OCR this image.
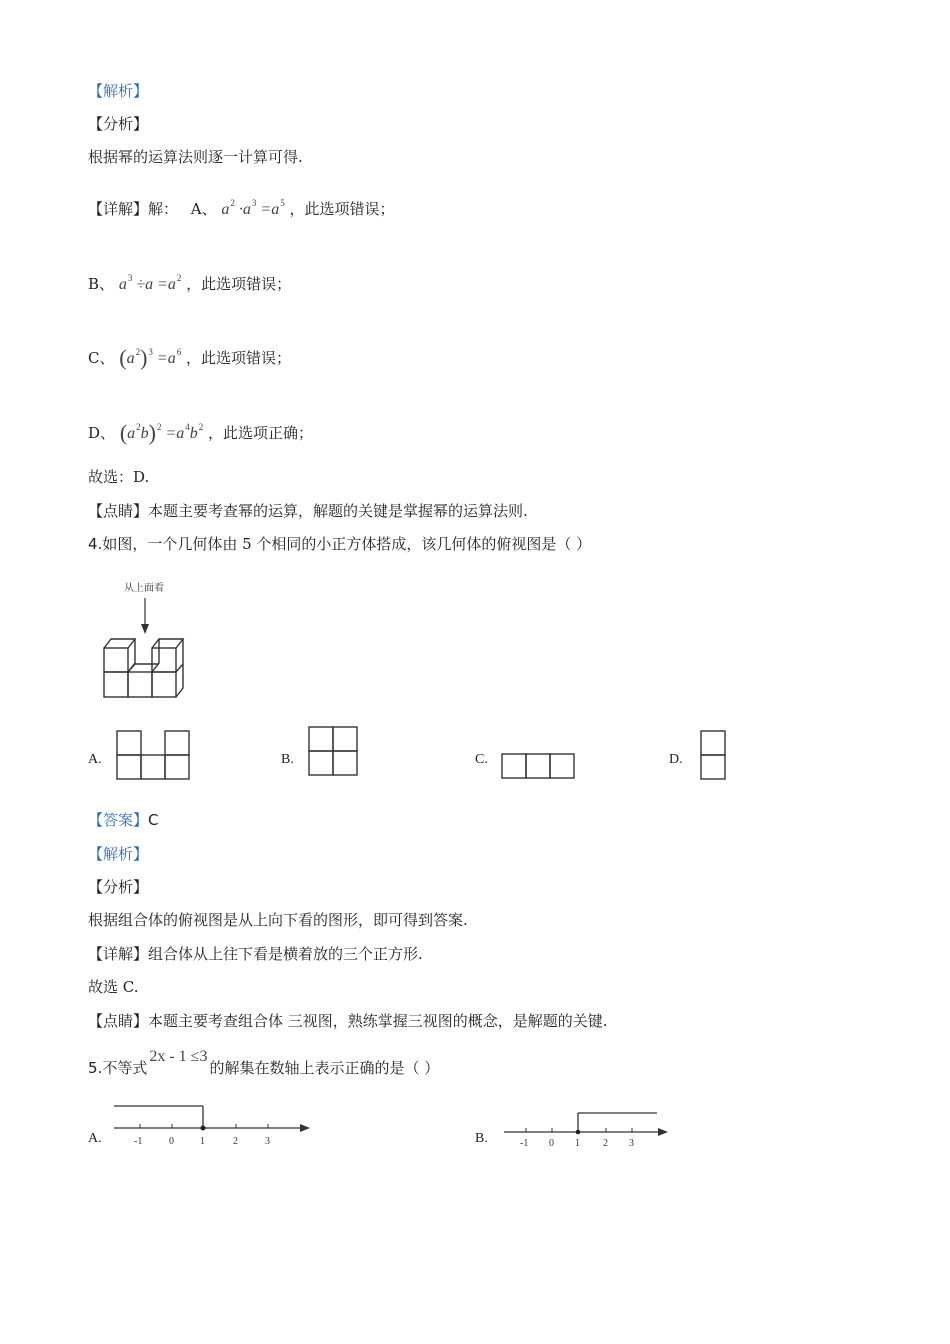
【解析】
【分析】
根据幂的运算法则逐一计算可得.
【详解】解： A、 $a^2 \cdot a^3 =a^5$ ，此选项错误；
B、 $a^3 \div a =a^2$ ，此选项错误；
C、 $(a^2)^3 =a^6$ ，此选项错误；
D、 $(a^2b)^2 =a^4b^2$ ，此选项正确；
故选：D.
【点睛】本题主要考查幂的运算，解题的关键是掌握幂的运算法则.
4.如图，一个几何体由 5 个相同的小正方体搭成，该几何体的俯视图是（ ）
从上面看
A.	B.	C.	D.
【答案】C
【解析】
【分析】
根据组合体的俯视图是从上向下看的图形，即可得到答案.
【详解】组合体从上往下看是横着放的三个正方形.
故选 C.
【点睛】本题主要考查组合体 三视图，熟练掌握三视图的概念，是解题的关键.
5.不等式2x - 1 ≤3的解集在数轴上表示正确的是（ ）
A.	-1	0	1	2	3	B.	-1 0 1 2 3
